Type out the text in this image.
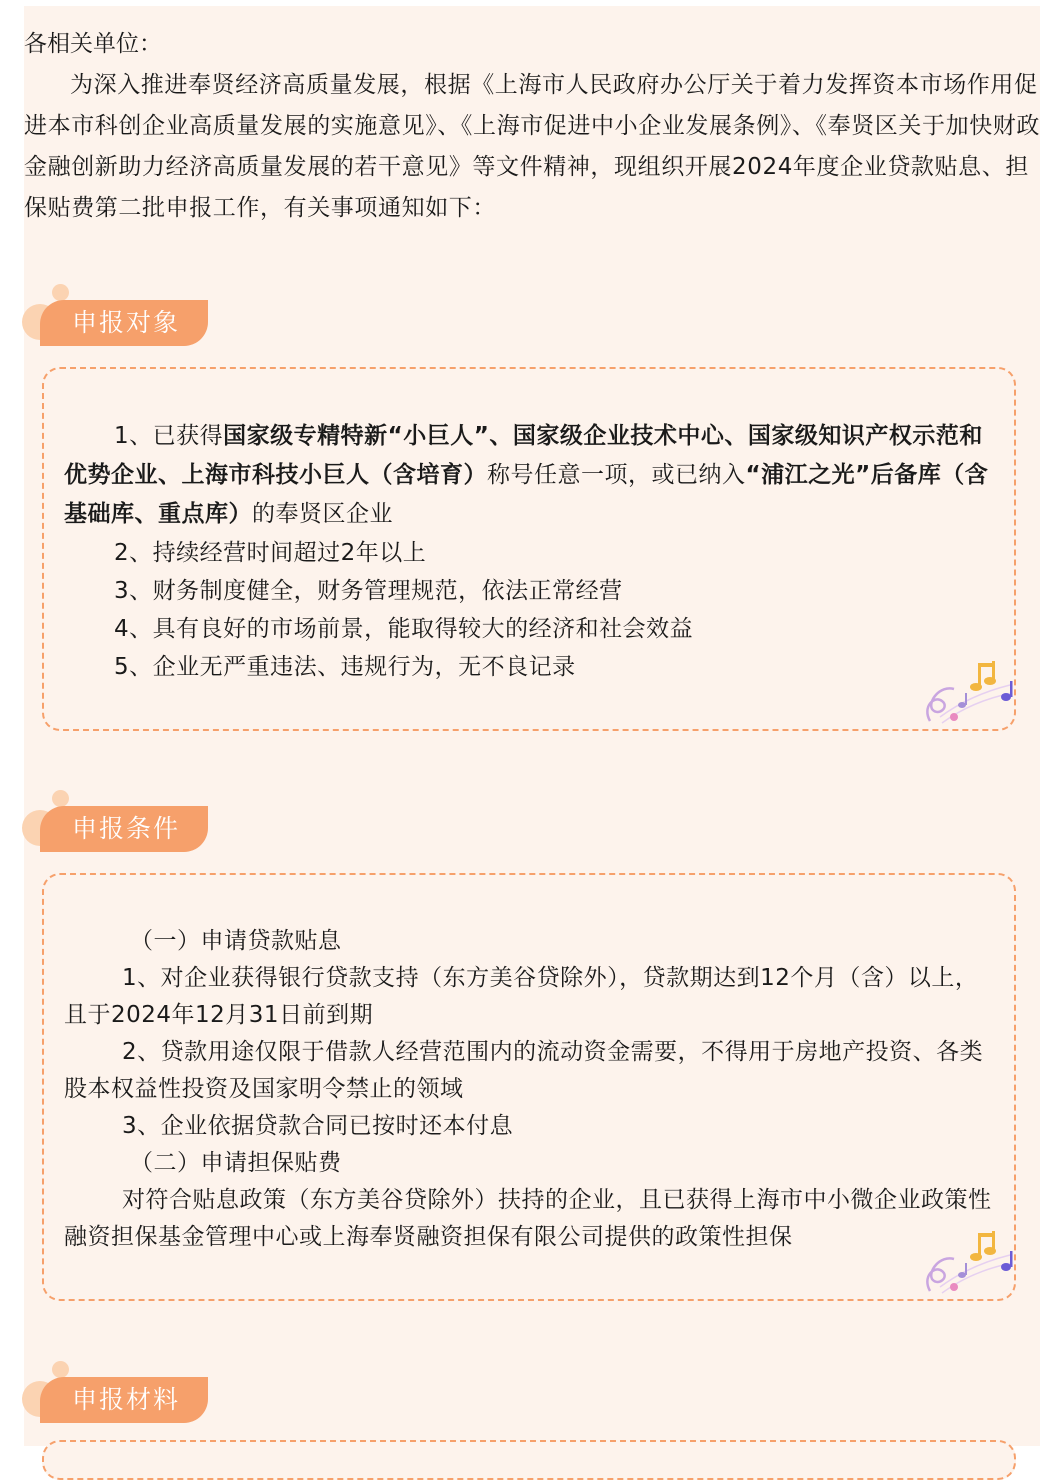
各相关单位：

为深入推进奉贤经济高质量发展，根据《上海市人民政府办公厅关于着力发挥资本市场作用促进本市科创企业高质量发展的实施意见》、《上海市促进中小企业发展条例》、《奉贤区关于加快财政金融创新助力经济高质量发展的若干意见》等文件精神，现组织开展2024年度企业贷款贴息、担保贴费第二批申报工作，有关事项通知如下：

申报对象

1、已获得国家级专精特新“小巨人”、国家级企业技术中心、国家级知识产权示范和优势企业、上海市科技小巨人（含培育）称号任意一项，或已纳入“浦江之光”后备库（含基础库、重点库）的奉贤区企业

2、持续经营时间超过2年以上

3、财务制度健全，财务管理规范，依法正常经营

4、具有良好的市场前景，能取得较大的经济和社会效益

5、企业无严重违法、违规行为，无不良记录

申报条件

（一）申请贷款贴息

1、对企业获得银行贷款支持（东方美谷贷除外），贷款期达到12个月（含）以上，且于2024年12月31日前到期

2、贷款用途仅限于借款人经营范围内的流动资金需要，不得用于房地产投资、各类股本权益性投资及国家明令禁止的领域

3、企业依据贷款合同已按时还本付息

（二）申请担保贴费

对符合贴息政策（东方美谷贷除外）扶持的企业，且已获得上海市中小微企业政策性融资担保基金管理中心或上海奉贤融资担保有限公司提供的政策性担保

申报材料
